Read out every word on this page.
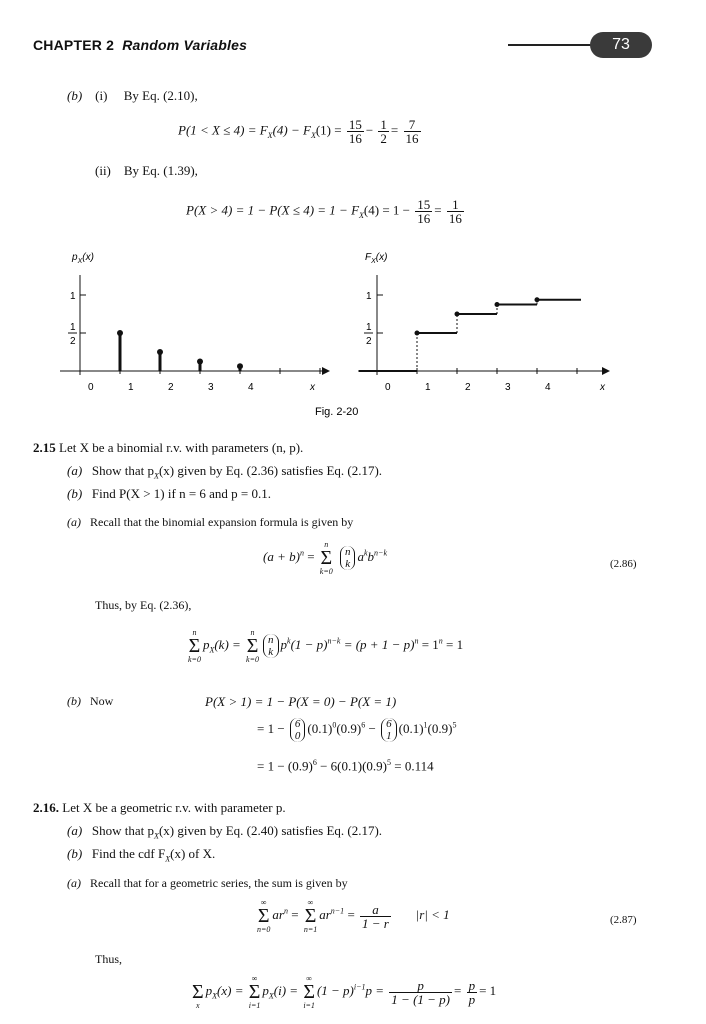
CHAPTER 2 Random Variables	73
(b) (i) By Eq. (2.10),
$P(1 < X \le 4) = F_X(4) - F_X(1) = \frac{15}{16} - \frac{1}{2} = \frac{7}{16}$
(ii) By Eq. (1.39),
$P(X > 4) = 1 - P(X \le 4) = 1 - F_X(4) = 1 - \frac{15}{16} = \frac{1}{16}$
$p_X(x)$
1
1
2
0	1	2	3	4	x
$F_X(x)$
1
1
2
0	1	2	3	4	x
Fig. 2-20
2.15 Let X be a binomial r.v. with parameters (n, p).
(a) Show that $p_X(x)$ given by Eq. (2.36) satisfies Eq. (2.17).
(b) Find P(X > 1) if n = 6 and p = 0.1.
(a) Recall that the binomial expansion formula is given by
$(a + b)^n$ =
n
Σ
k=0

n
k
$a^kb^{n-k}$
(2.86)
Thus, by Eq. (2.36),
n
Σ
k=0
$p_X(k)$ =
n
Σ
k=0
n
k
$p^k(1 - p)^{n-k} = (p + 1 - p)^n = 1^n = 1$
(b) Now	P(X > 1) = 1 − P(X = 0) − P(X = 1)
= 1 − 6
0
$(0.1)^0(0.9)^6 - 6$
1
$(0.1)^1(0.9)^5$
= $1 - (0.9)^6 - 6(0.1)(0.9)^5 = 0.114$
2.16. Let X be a geometric r.v. with parameter p.
(a) Show that $p_X(x)$ given by Eq. (2.40) satisfies Eq. (2.17).
(b) Find the cdf $F_X(x)$ of X.
(a) Recall that for a geometric series, the sum is given by
∞
Σ
n=0
$ar^n$ =
∞
Σ
n=1
$ar^{n-1} = \frac{a}{1 - r} |r| < 1$	(2.87)
Thus,

Σ
x
$p_X(x)$ =
∞
Σ
i=1
$p_X(i)$ =
∞
Σ
i=1
$(1 - p)^{i-1}p = \frac{p}{1 - (1 - p)} = \frac{p}{p} = 1$
